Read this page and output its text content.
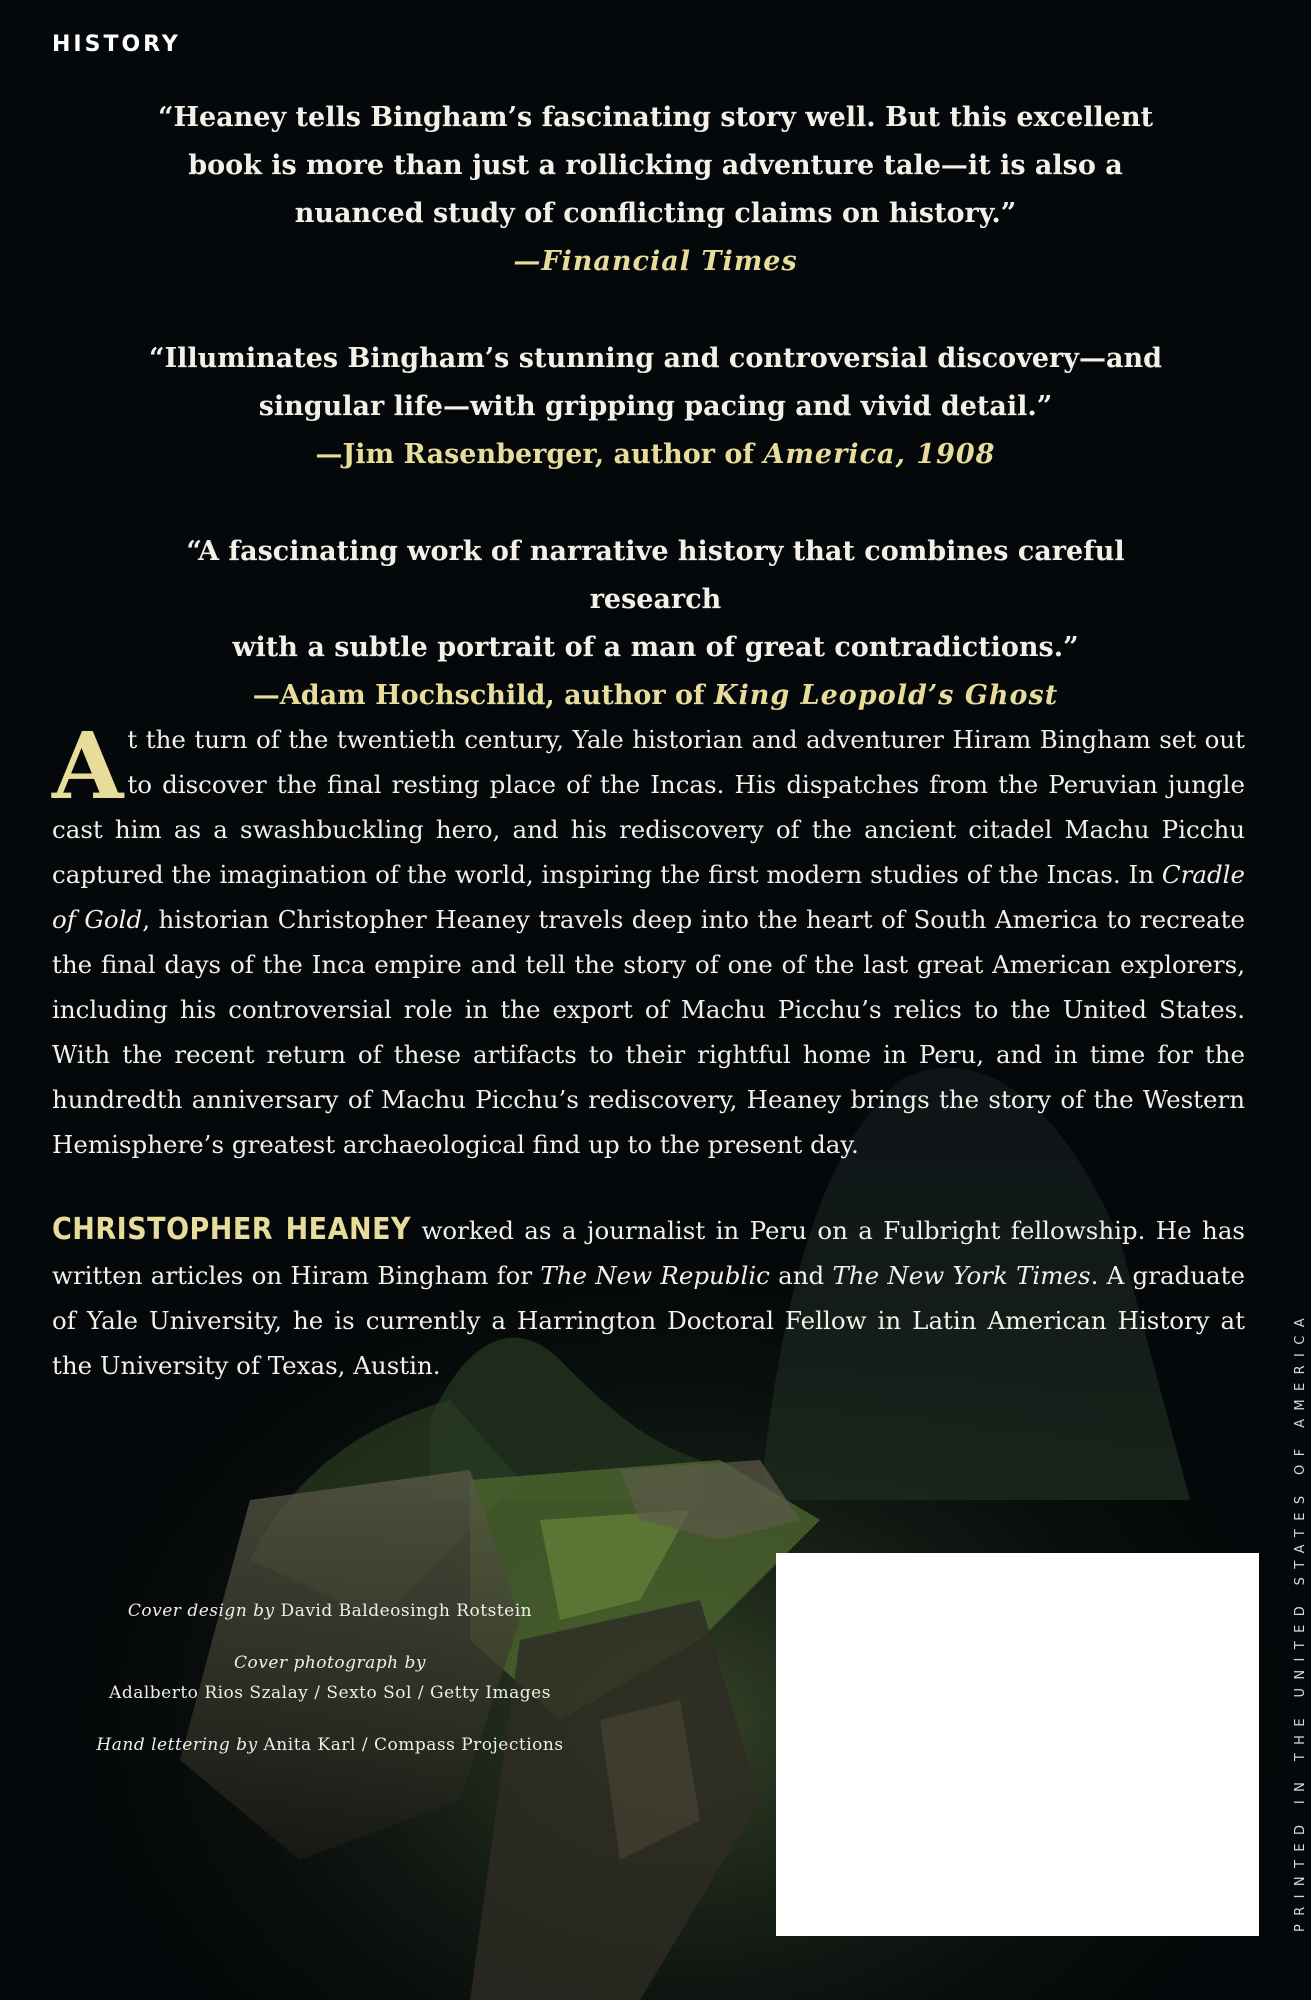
HISTORY
“Heaney tells Bingham’s fascinating story well. But this excellent
book is more than just a rollicking adventure tale—it is also a
nuanced study of conflicting claims on history.”
—Financial Times
“Illuminates Bingham’s stunning and controversial discovery—and
singular life—with gripping pacing and vivid detail.”
—Jim Rasenberger, author of America, 1908
“A fascinating work of narrative history that combines careful research
with a subtle portrait of a man of great contradictions.”
—Adam Hochschild, author of King Leopold’s Ghost
At the turn of the twentieth century, Yale historian and adventurer Hiram Bingham set out to discover the final resting place of the Incas. His dispatches from the Peruvian jungle cast him as a swashbuckling hero, and his rediscovery of the ancient citadel Machu Picchu captured the imagination of the world, inspiring the first modern studies of the Incas. In Cradle of Gold, historian Christopher Heaney travels deep into the heart of South America to recreate the final days of the Inca empire and tell the story of one of the last great American explorers, including his controversial role in the export of Machu Picchu’s relics to the United States. With the recent return of these artifacts to their rightful home in Peru, and in time for the hundredth anniversary of Machu Picchu’s rediscovery, Heaney brings the story of the Western Hemisphere’s greatest archaeological find up to the present day.
CHRISTOPHER HEANEY worked as a journalist in Peru on a Fulbright fellowship. He has written articles on Hiram Bingham for The New Republic and The New York Times. A graduate of Yale University, he is currently a Harrington Doctoral Fellow in Latin American History at the University of Texas, Austin.
Cover design by David Baldeosingh Rotstein
Cover photograph by
Adalberto Rios Szalay / Sexto Sol / Getty Images
Hand lettering by Anita Karl / Compass Projections	PRINTED IN THE UNITED STATES OF AMERICA
